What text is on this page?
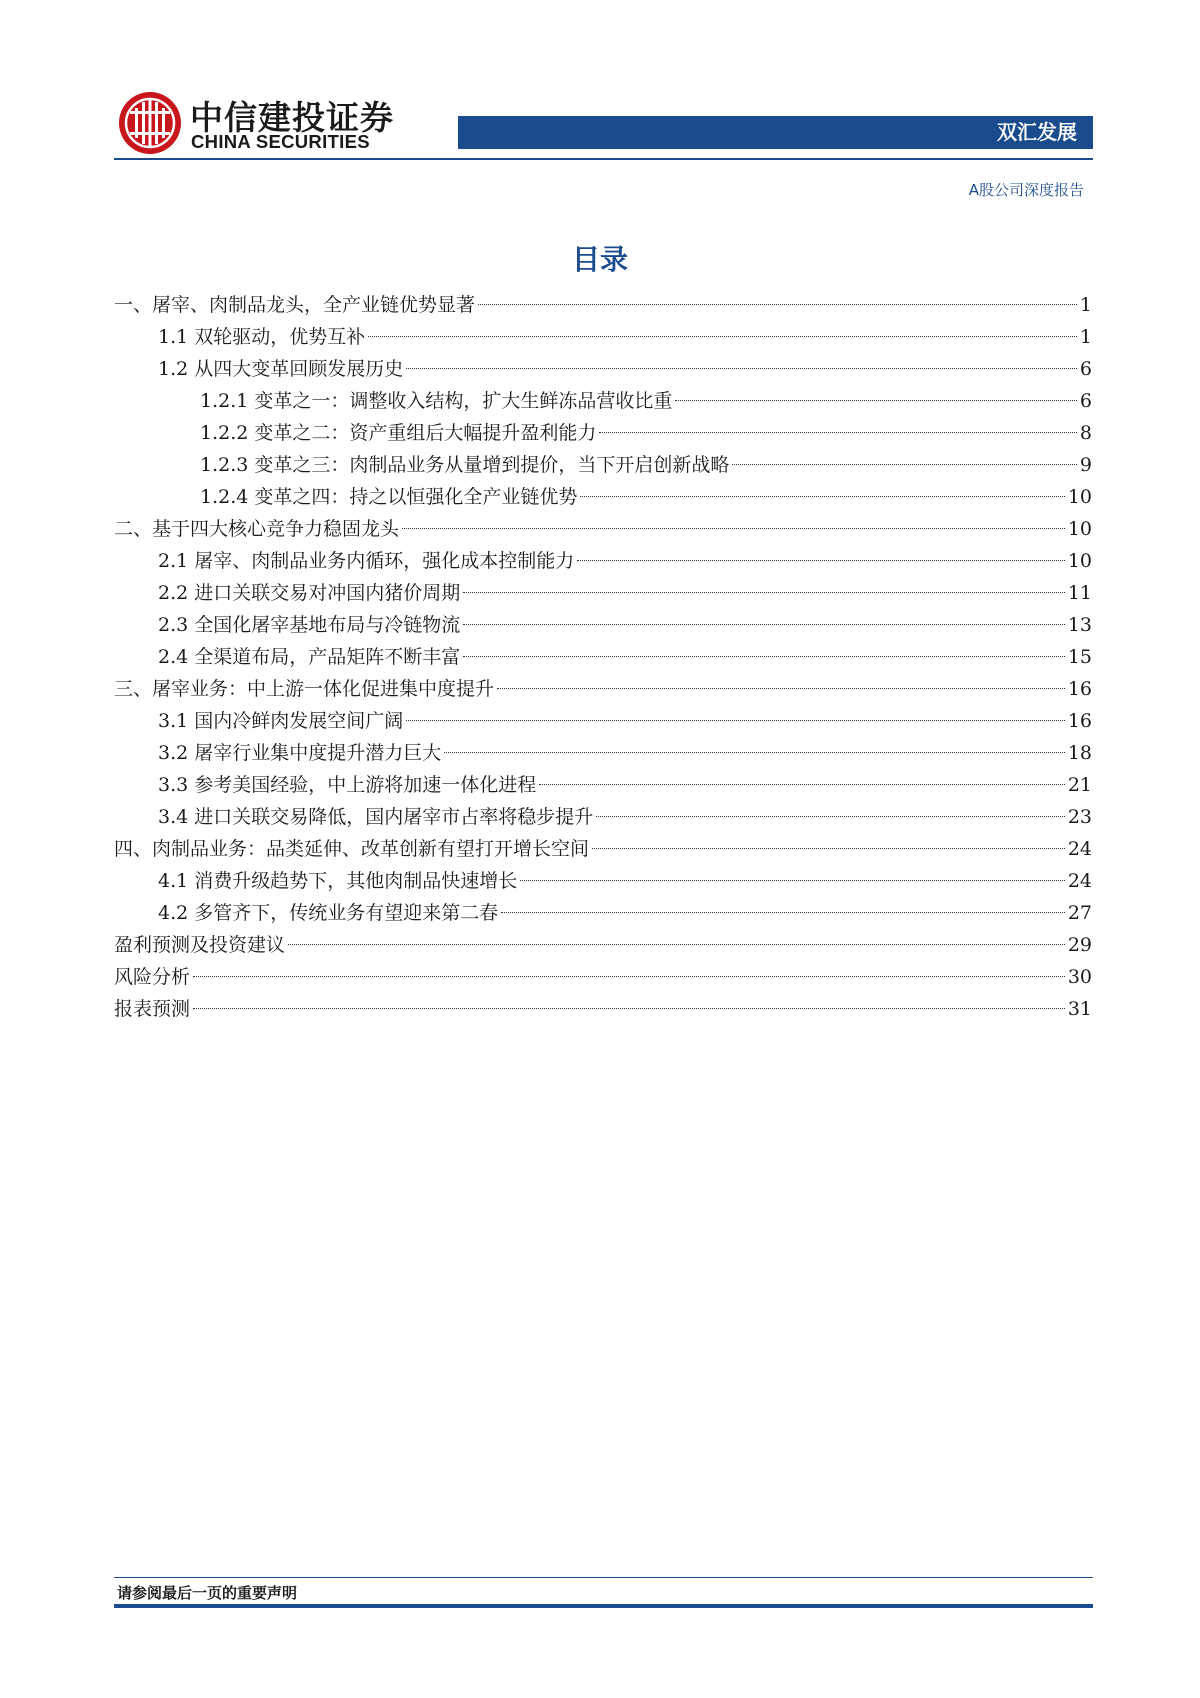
中信建投证券
CHINA SECURITIES	双汇发展
A股公司深度报告
目录
一、屠宰、肉制品龙头，全产业链优势显著	1
1.1 双轮驱动，优势互补	1
1.2 从四大变革回顾发展历史	6
1.2.1 变革之一：调整收入结构，扩大生鲜冻品营收比重	6
1.2.2 变革之二：资产重组后大幅提升盈利能力	8
1.2.3 变革之三：肉制品业务从量增到提价，当下开启创新战略	9
1.2.4 变革之四：持之以恒强化全产业链优势	10
二、基于四大核心竞争力稳固龙头	10
2.1 屠宰、肉制品业务内循环，强化成本控制能力	10
2.2 进口关联交易对冲国内猪价周期	11
2.3 全国化屠宰基地布局与冷链物流	13
2.4 全渠道布局，产品矩阵不断丰富	15
三、屠宰业务：中上游一体化促进集中度提升	16
3.1 国内冷鲜肉发展空间广阔	16
3.2 屠宰行业集中度提升潜力巨大	18
3.3 参考美国经验，中上游将加速一体化进程	21
3.4 进口关联交易降低，国内屠宰市占率将稳步提升	23
四、肉制品业务：品类延伸、改革创新有望打开增长空间	24
4.1 消费升级趋势下，其他肉制品快速增长	24
4.2 多管齐下，传统业务有望迎来第二春	27
盈利预测及投资建议	29
风险分析	30
报表预测	31
请参阅最后一页的重要声明
